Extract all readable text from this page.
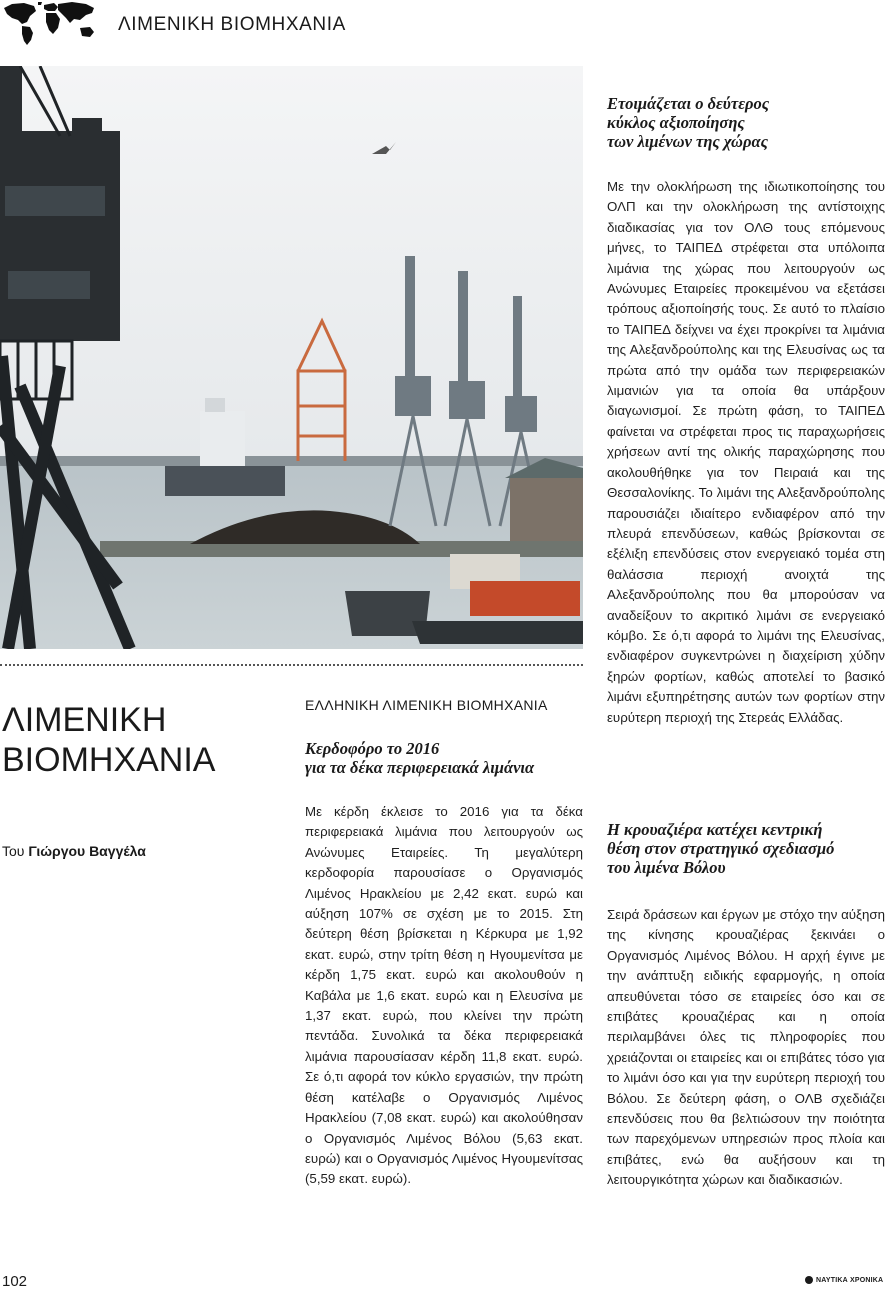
ΛΙΜΕΝΙΚΗ ΒΙΟΜΗΧΑΝΙΑ
ΛΙΜΕΝΙΚΗ
ΒΙΟΜΗΧΑΝΙΑ
Του Γιώργου Βαγγέλα
ΕΛΛΗΝΙΚΗ ΛΙΜΕΝΙΚΗ ΒΙΟΜΗΧΑΝΙΑ
Κερδοφόρο το 2016
για τα δέκα περιφερειακά λιμάνια
Με κέρδη έκλεισε το 2016 για τα δέκα περιφερειακά λιμάνια που λειτουργούν ως Ανώνυμες Εταιρείες. Τη μεγαλύτερη κερδοφορία παρουσίασε ο Οργανισμός Λιμένος Ηρακλείου με 2,42 εκατ. ευρώ και αύξηση 107% σε σχέση με το 2015. Στη δεύτερη θέση βρίσκεται η Κέρκυρα με 1,92 εκατ. ευρώ, στην τρίτη θέση η Ηγουμενίτσα με κέρδη 1,75 εκατ. ευρώ και ακολουθούν η Καβάλα με 1,6 εκατ. ευρώ και η Ελευσίνα με 1,37 εκατ. ευρώ, που κλείνει την πρώτη πεντάδα. Συνολικά τα δέκα περιφερειακά λιμάνια παρουσίασαν κέρδη 11,8 εκατ. ευρώ. Σε ό,τι αφορά τον κύκλο εργασιών, την πρώτη θέση κατέλαβε ο Οργανισμός Λιμένος Ηρακλείου (7,08 εκατ. ευρώ) και ακολούθησαν ο Οργανισμός Λιμένος Βόλου (5,63 εκατ. ευρώ) και ο Οργανισμός Λιμένος Ηγουμενίτσας (5,59 εκατ. ευρώ).
Ετοιμάζεται ο δεύτερος
κύκλος αξιοποίησης
των λιμένων της χώρας
Με την ολοκλήρωση της ιδιωτικοποίησης του ΟΛΠ και την ολοκλήρωση της αντίστοιχης διαδικασίας για τον ΟΛΘ τους επόμενους μήνες, το ΤΑΙΠΕΔ στρέφεται στα υπόλοιπα λιμάνια της χώρας που λειτουργούν ως Ανώνυμες Εταιρείες προκειμένου να εξετάσει τρόπους αξιοποίησής τους. Σε αυτό το πλαίσιο το ΤΑΙΠΕΔ δείχνει να έχει προκρίνει τα λιμάνια της Αλεξανδρούπολης και της Ελευσίνας ως τα πρώτα από την ομάδα των περιφερειακών λιμανιών για τα οποία θα υπάρξουν διαγωνισμοί. Σε πρώτη φάση, το ΤΑΙΠΕΔ φαίνεται να στρέφεται προς τις παραχωρήσεις χρήσεων αντί της ολικής παραχώρησης που ακολουθήθηκε για τον Πειραιά και της Θεσσαλονίκης. Το λιμάνι της Αλεξανδρούπολης παρουσιάζει ιδιαίτερο ενδιαφέρον από την πλευρά επενδύσεων, καθώς βρίσκονται σε εξέλιξη επενδύσεις στον ενεργειακό τομέα στη θαλάσσια περιοχή ανοιχτά της Αλεξανδρούπολης που θα μπορούσαν να αναδείξουν το ακριτικό λιμάνι σε ενεργειακό κόμβο. Σε ό,τι αφορά το λιμάνι της Ελευσίνας, ενδιαφέρον συγκεντρώνει η διαχείριση χύδην ξηρών φορτίων, καθώς αποτελεί το βασικό λιμάνι εξυπηρέτησης αυτών των φορτίων στην ευρύτερη περιοχή της Στερεάς Ελλάδας.
Η κρουαζιέρα κατέχει κεντρική
θέση στον στρατηγικό σχεδιασμό
του λιμένα Βόλου
Σειρά δράσεων και έργων με στόχο την αύξηση της κίνησης κρουαζιέρας ξεκινάει ο Οργανισμός Λιμένος Βόλου. Η αρχή έγινε με την ανάπτυξη ειδικής εφαρμογής, η οποία απευθύνεται τόσο σε εταιρείες όσο και σε επιβάτες κρουαζιέρας και η οποία περιλαμβάνει όλες τις πληροφορίες που χρειάζονται οι εταιρείες και οι επιβάτες τόσο για το λιμάνι όσο και για την ευρύτερη περιοχή του Βόλου. Σε δεύτερη φάση, ο ΟΛΒ σχεδιάζει επενδύσεις που θα βελτιώσουν την ποιότητα των παρεχόμενων υπηρεσιών προς πλοία και επιβάτες, ενώ θα αυξήσουν και τη λειτουργικότητα χώρων και διαδικασιών.
102	ΝΑΥΤΙΚΑ ΧΡΟΝΙΚΑ
